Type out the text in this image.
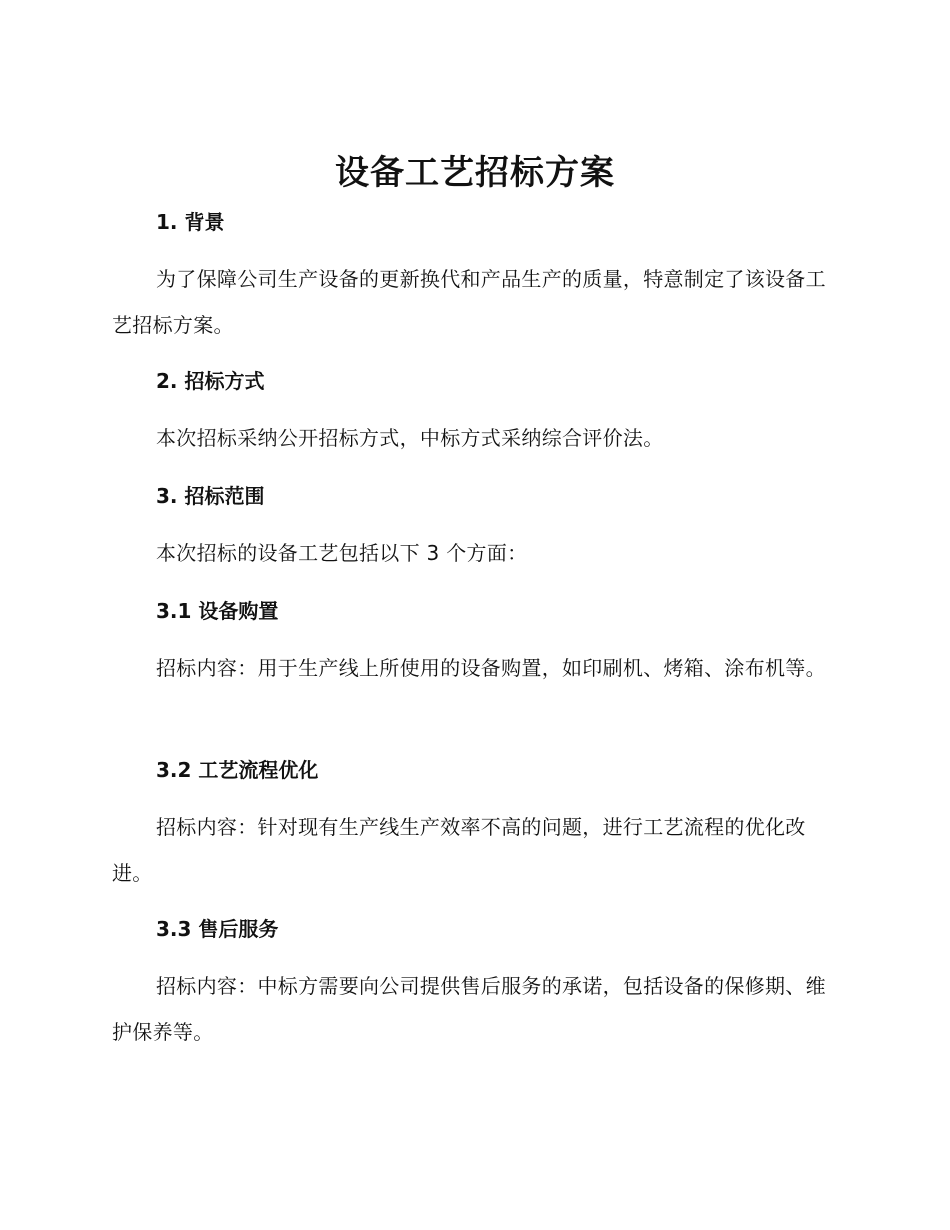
设备工艺招标方案
1. 背景

为了保障公司生产设备的更新换代和产品生产的质量，特意制定了该设备工艺招标方案。

2. 招标方式

本次招标采纳公开招标方式，中标方式采纳综合评价法。

3. 招标范围

本次招标的设备工艺包括以下 3 个方面：

3.1 设备购置

招标内容：用于生产线上所使用的设备购置，如印刷机、烤箱、涂布机等。

3.2 工艺流程优化

招标内容：针对现有生产线生产效率不高的问题，进行工艺流程的优化改进。

3.3 售后服务

招标内容：中标方需要向公司提供售后服务的承诺，包括设备的保修期、维护保养等。
